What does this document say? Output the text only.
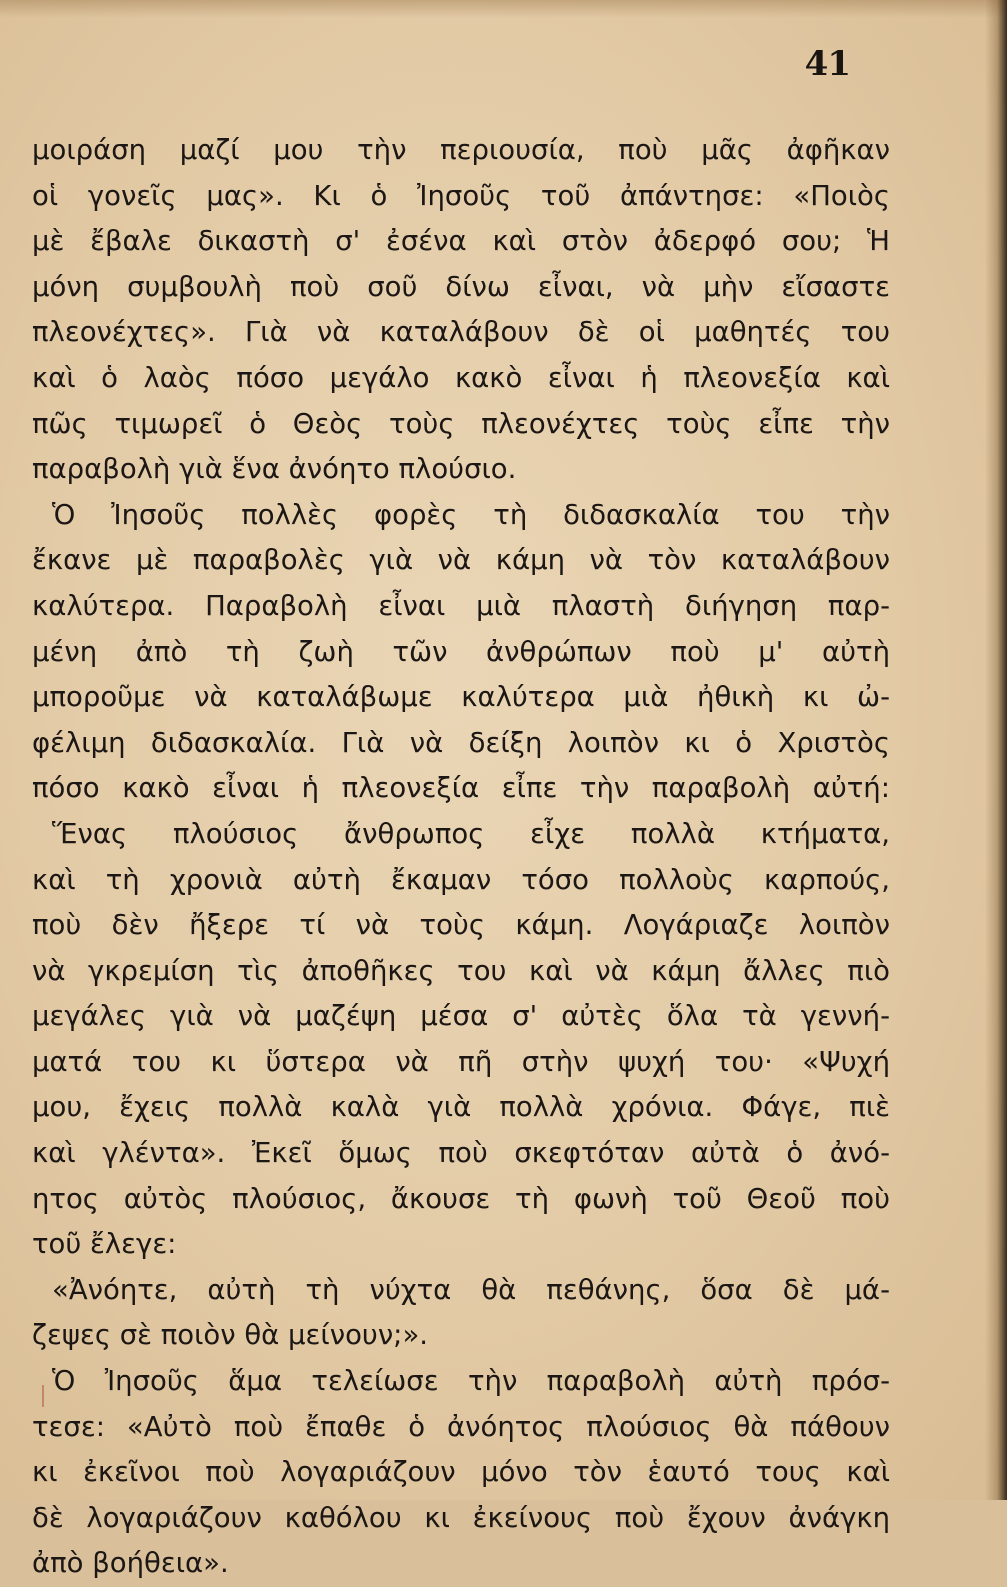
41
μοιράση μαζί μου τὴν περιουσία, ποὺ μᾶς ἀφῆκαν
οἱ γονεῖς μας». Κι ὁ Ἰησοῦς τοῦ ἀπάντησε: «Ποιὸς
μὲ ἔβαλε δικαστὴ σ' ἐσένα καὶ στὸν ἀδερφό σου; Ἡ
μόνη συμβουλὴ ποὺ σοῦ δίνω εἶναι, νὰ μὴν εἴσαστε
πλεονέχτες». Γιὰ νὰ καταλάβουν δὲ οἱ μαθητές του
καὶ ὁ λαὸς πόσο μεγάλο κακὸ εἶναι ἡ πλεονεξία καὶ
πῶς τιμωρεῖ ὁ Θεὸς τοὺς πλεονέχτες τοὺς εἶπε τὴν
παραβολὴ γιὰ ἕνα ἀνόητο πλούσιο.
Ὁ Ἰησοῦς πολλὲς φορὲς τὴ διδασκαλία του τὴν
ἔκανε μὲ παραβολὲς γιὰ νὰ κάμη νὰ τὸν καταλάβουν
καλύτερα. Παραβολὴ εἶναι μιὰ πλαστὴ διήγηση παρ-
μένη ἀπὸ τὴ ζωὴ τῶν ἀνθρώπων ποὺ μ' αὐτὴ
μποροῦμε νὰ καταλάβωμε καλύτερα μιὰ ἠθικὴ κι ὠ-
φέλιμη διδασκαλία. Γιὰ νὰ δείξη λοιπὸν κι ὁ Χριστὸς
πόσο κακὸ εἶναι ἡ πλεονεξία εἶπε τὴν παραβολὴ αὐτή:
Ἕνας πλούσιος ἄνθρωπος εἶχε πολλὰ κτήματα,
καὶ τὴ χρονιὰ αὐτὴ ἔκαμαν τόσο πολλοὺς καρπούς,
ποὺ δὲν ἤξερε τί νὰ τοὺς κάμη. Λογάριαζε λοιπὸν
νὰ γκρεμίση τὶς ἀποθῆκες του καὶ νὰ κάμη ἄλλες πιὸ
μεγάλες γιὰ νὰ μαζέψη μέσα σ' αὐτὲς ὅλα τὰ γεννή-
ματά του κι ὕστερα νὰ πῆ στὴν ψυχή του· «Ψυχή
μου, ἔχεις πολλὰ καλὰ γιὰ πολλὰ χρόνια. Φάγε, πιὲ
καὶ γλέντα». Ἐκεῖ ὅμως ποὺ σκεφτόταν αὐτὰ ὁ ἀνό-
ητος αὐτὸς πλούσιος, ἄκουσε τὴ φωνὴ τοῦ Θεοῦ ποὺ
τοῦ ἔλεγε:
«Ἀνόητε, αὐτὴ τὴ νύχτα θὰ πεθάνης, ὅσα δὲ μά-
ζεψες σὲ ποιὸν θὰ μείνουν;».
Ὁ Ἰησοῦς ἅμα τελείωσε τὴν παραβολὴ αὐτὴ πρόσ-
τεσε: «Αὐτὸ ποὺ ἔπαθε ὁ ἀνόητος πλούσιος θὰ πάθουν
κι ἐκεῖνοι ποὺ λογαριάζουν μόνο τὸν ἑαυτό τους καὶ
δὲ λογαριάζουν καθόλου κι ἐκείνους ποὺ ἔχουν ἀνάγκη
ἀπὸ βοήθεια».
